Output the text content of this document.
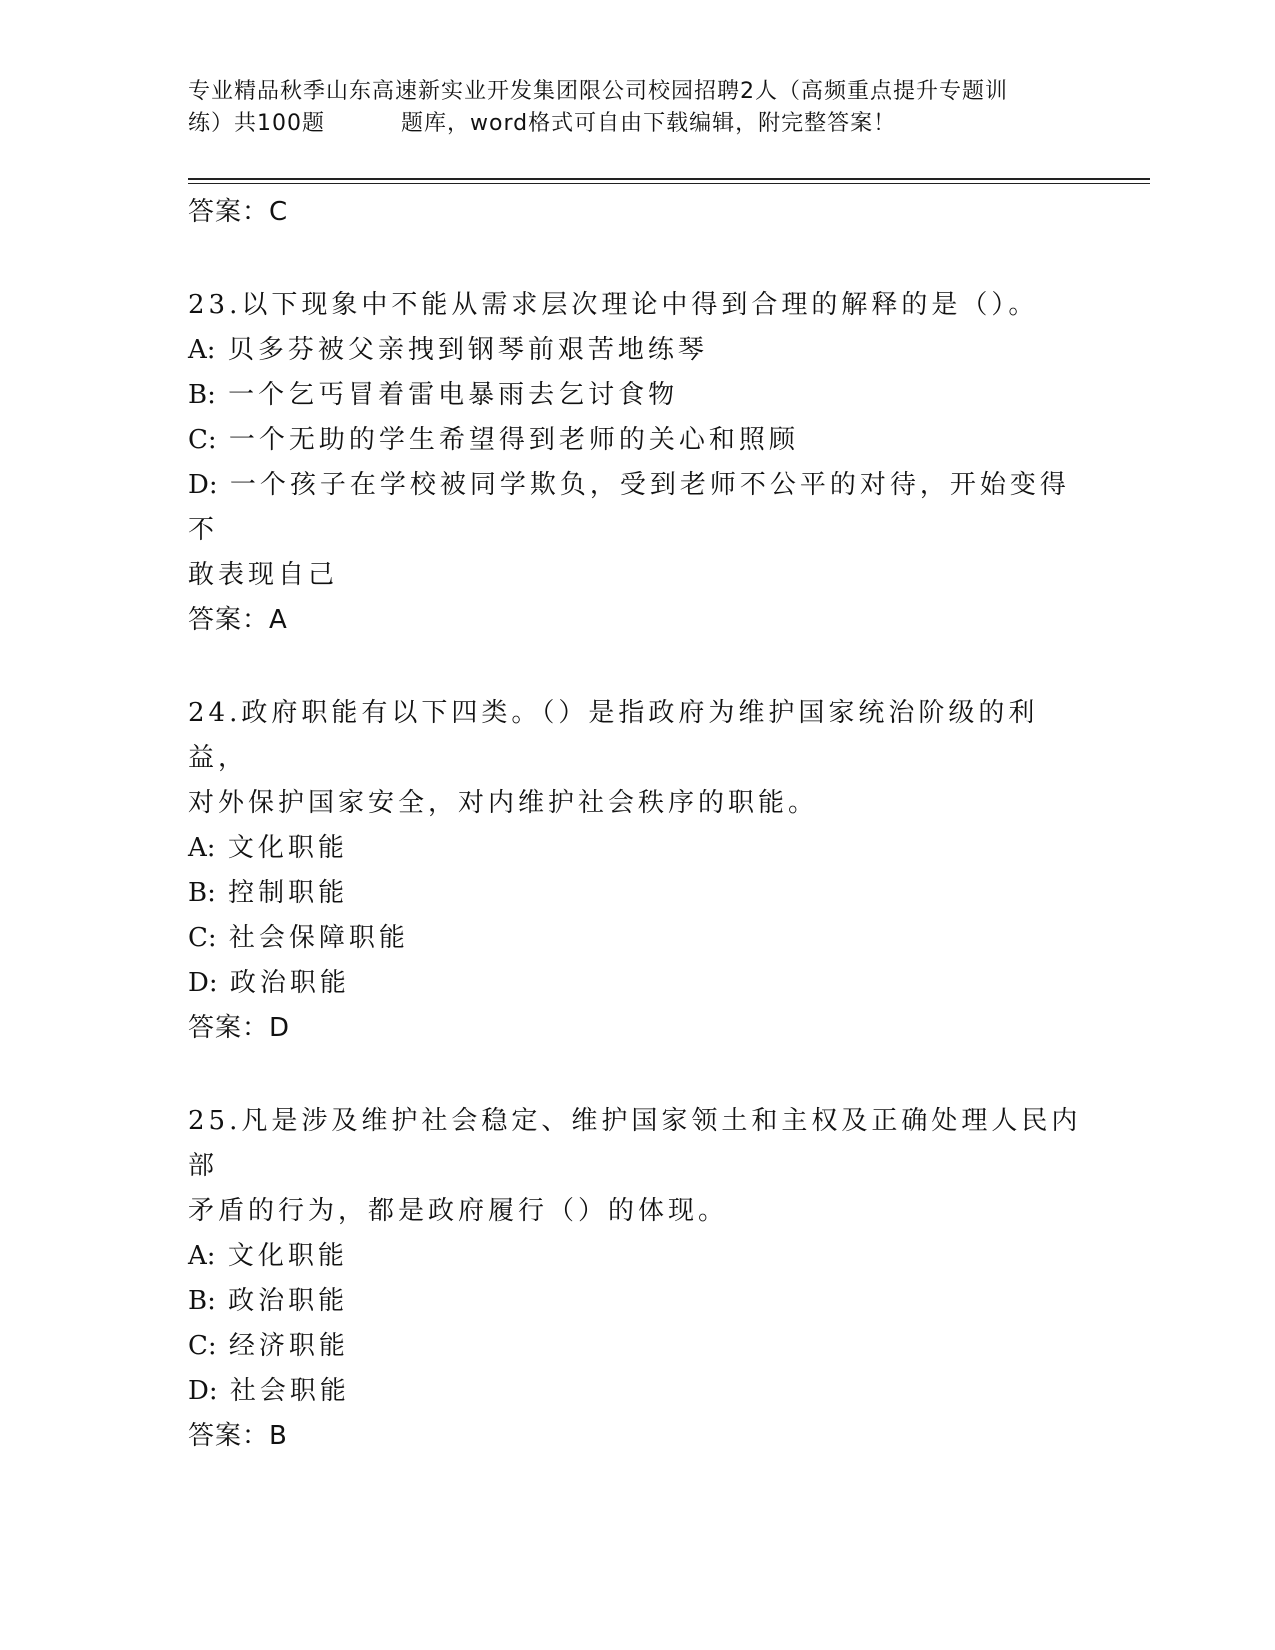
专业精品秋季山东高速新实业开发集团限公司校园招聘2人（高频重点提升专题训
练）共100题	题库，word格式可自由下载编辑，附完整答案！
答案：C
23.以下现象中不能从需求层次理论中得到合理的解释的是（）。
A: 贝多芬被父亲拽到钢琴前艰苦地练琴
B: 一个乞丐冒着雷电暴雨去乞讨食物
C: 一个无助的学生希望得到老师的关心和照顾
D: 一个孩子在学校被同学欺负，受到老师不公平的对待，开始变得不
敢表现自己
答案：A
24.政府职能有以下四类。（）是指政府为维护国家统治阶级的利益，
对外保护国家安全，对内维护社会秩序的职能。
A: 文化职能
B: 控制职能
C: 社会保障职能
D: 政治职能
答案：D
25.凡是涉及维护社会稳定、维护国家领土和主权及正确处理人民内部
矛盾的行为，都是政府履行（）的体现。
A: 文化职能
B: 政治职能
C: 经济职能
D: 社会职能
答案：B
